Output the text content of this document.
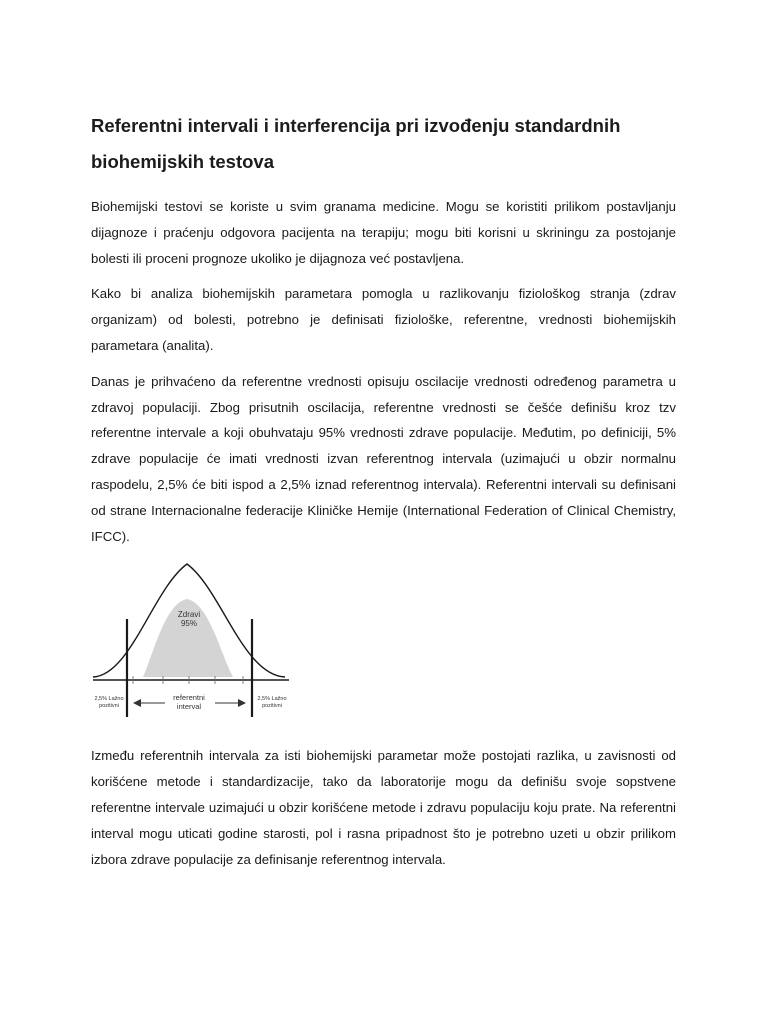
Referentni intervali i interferencija pri izvođenju standardnih biohemijskih testova

Biohemijski testovi se koriste u svim granama medicine. Mogu se koristiti prilikom postavljanju dijagnoze i praćenju odgovora pacijenta na terapiju; mogu biti korisni u skriningu za postojanje bolesti ili proceni prognoze ukoliko je dijagnoza već postavljena.

Kako bi analiza biohemijskih parametara pomogla u razlikovanju fiziološkog stranja (zdrav organizam) od bolesti, potrebno je definisati fiziološke, referentne, vrednosti biohemijskih parametara (analita).

Danas je prihvaćeno da referentne vrednosti opisuju oscilacije vrednosti određenog parametra u zdravoj populaciji. Zbog prisutnih oscilacija, referentne vrednosti se češće definišu kroz tzv referentne intervale a koji obuhvataju 95% vrednosti zdrave populacije. Međutim, po definiciji, 5% zdrave populacije će imati vrednosti izvan referentnog intervala (uzimajući u obzir normalnu raspodelu, 2,5% će biti ispod a 2,5% iznad referentnog intervala). Referentni intervali su definisani od strane Internacionalne federacije Kliničke Hemije (International Federation of Clinical Chemistry, IFCC).

Zdravi
95%
referentni
interval
2,5% Lažno
pozitivni
2,5% Lažno
pozitivni

Između referentnih intervala za isti biohemijski parametar može postojati razlika, u zavisnosti od korišćene metode i standardizacije, tako da laboratorije mogu da definišu svoje sopstvene referentne intervale uzimajući u obzir korišćene metode i zdravu populaciju koju prate. Na referentni interval mogu uticati godine starosti, pol i rasna pripadnost što je potrebno uzeti u obzir prilikom izbora zdrave populacije za definisanje referentnog intervala.
